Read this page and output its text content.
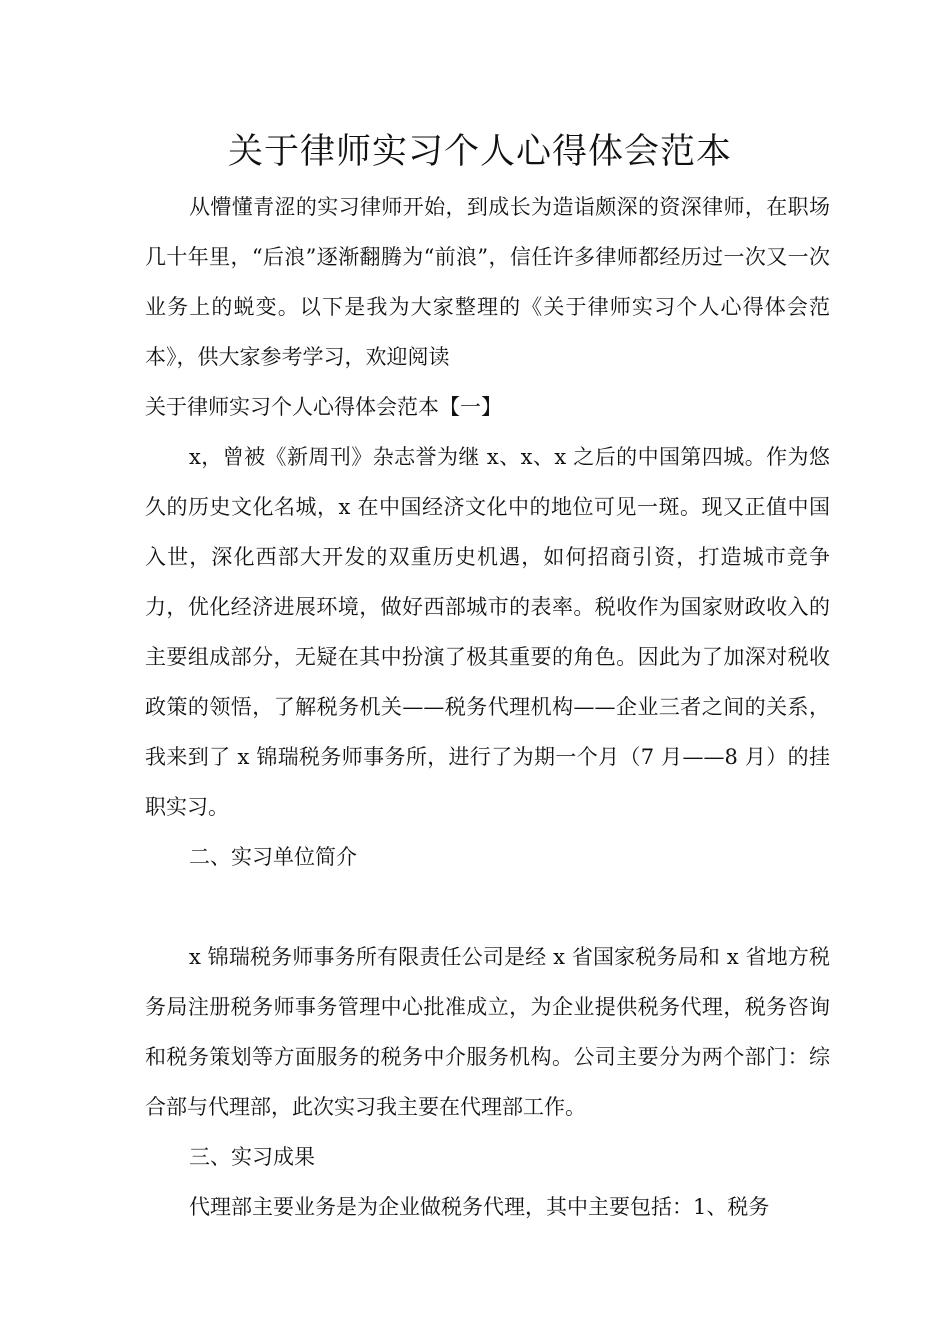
关于律师实习个人心得体会范本

从懵懂青涩的实习律师开始，到成长为造诣颇深的资深律师，在职场几十年里，“后浪”逐渐翻腾为“前浪”，信任许多律师都经历过一次又一次业务上的蜕变。以下是我为大家整理的《关于律师实习个人心得体会范本》，供大家参考学习，欢迎阅读

关于律师实习个人心得体会范本【一】

x，曾被《新周刊》杂志誉为继 x、x、x 之后的中国第四城。作为悠久的历史文化名城，x 在中国经济文化中的地位可见一斑。现又正值中国入世，深化西部大开发的双重历史机遇，如何招商引资，打造城市竞争力，优化经济进展环境，做好西部城市的表率。税收作为国家财政收入的主要组成部分，无疑在其中扮演了极其重要的角色。因此为了加深对税收政策的领悟，了解税务机关——税务代理机构——企业三者之间的关系，我来到了 x 锦瑞税务师事务所，进行了为期一个月（7 月——8 月）的挂职实习。

二、实习单位简介

x 锦瑞税务师事务所有限责任公司是经 x 省国家税务局和 x 省地方税务局注册税务师事务管理中心批准成立，为企业提供税务代理，税务咨询和税务策划等方面服务的税务中介服务机构。公司主要分为两个部门：综合部与代理部，此次实习我主要在代理部工作。

三、实习成果

代理部主要业务是为企业做税务代理，其中主要包括：1、税务
